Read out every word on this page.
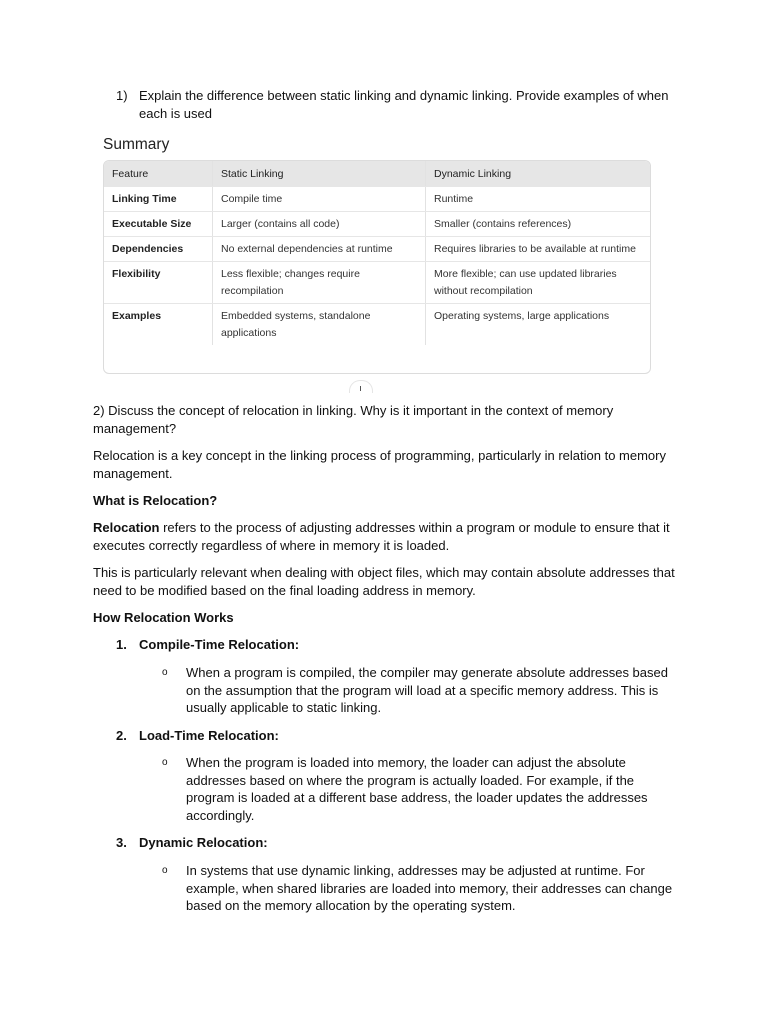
1) Explain the difference between static linking and dynamic linking. Provide examples of when each is used
Summary
Feature	Static Linking	Dynamic Linking
Linking Time	Compile time	Runtime
Executable Size	Larger (contains all code)	Smaller (contains references)
Dependencies	No external dependencies at runtime	Requires libraries to be available at runtime
Flexibility	Less flexible; changes require recompilation	More flexible; can use updated libraries without recompilation
Examples	Embedded systems, standalone applications	Operating systems, large applications
2) Discuss the concept of relocation in linking. Why is it important in the context of memory management?
Relocation is a key concept in the linking process of programming, particularly in relation to memory management.
What is Relocation?
Relocation refers to the process of adjusting addresses within a program or module to ensure that it executes correctly regardless of where in memory it is loaded.
This is particularly relevant when dealing with object files, which may contain absolute addresses that need to be modified based on the final loading address in memory.
How Relocation Works
1. Compile-Time Relocation:
o	When a program is compiled, the compiler may generate absolute addresses based on the assumption that the program will load at a specific memory address. This is usually applicable to static linking.
2. Load-Time Relocation:
o	When the program is loaded into memory, the loader can adjust the absolute addresses based on where the program is actually loaded. For example, if the program is loaded at a different base address, the loader updates the addresses accordingly.
3. Dynamic Relocation:
o	In systems that use dynamic linking, addresses may be adjusted at runtime. For example, when shared libraries are loaded into memory, their addresses can change based on the memory allocation by the operating system.
